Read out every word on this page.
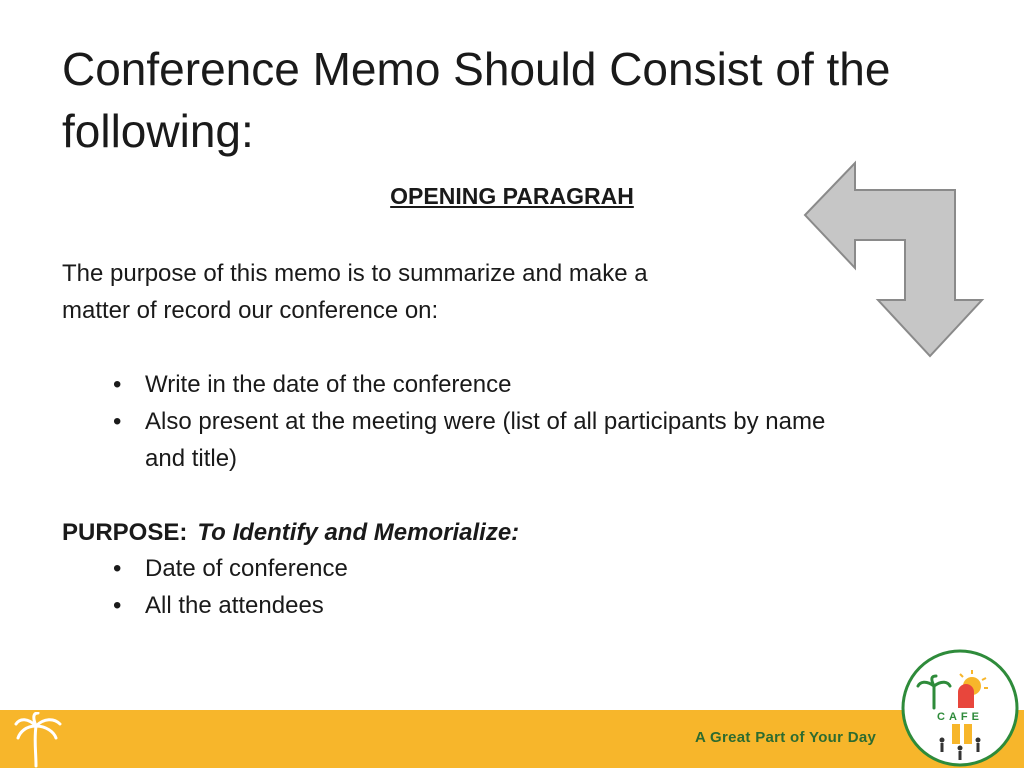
Conference Memo Should Consist of the following:
OPENING PARAGRAH

The purpose of this memo is to summarize and make a matter of record our conference on:

• Write in the date of the conference
• Also present at the meeting were (list of all participants by name and title)

PURPOSE: To Identify and Memorialize:

• Date of conference
• All the attendees

A Great Part of Your Day

CAFE
